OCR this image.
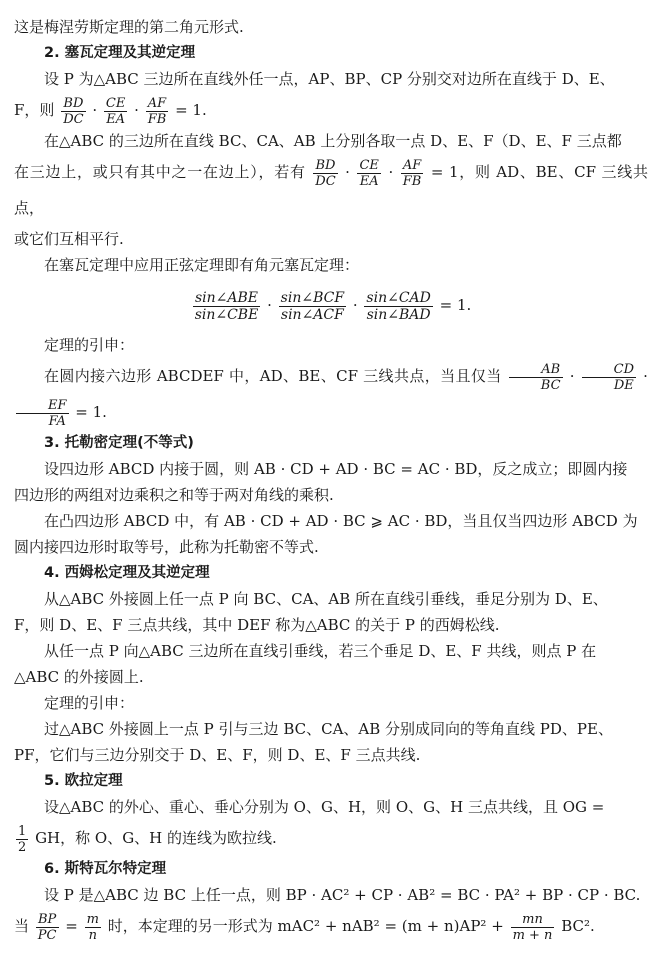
这是梅涅劳斯定理的第二角元形式.

2. 塞瓦定理及其逆定理

设 P 为△ABC 三边所在直线外任一点，AP、BP、CP 分别交对边所在直线于 D、E、

F，则 $\frac{BD}{DC} \cdot \frac{CE}{EA} \cdot \frac{AF}{FB} = 1$.

在△ABC 的三边所在直线 BC、CA、AB 上分别各取一点 D、E、F（D、E、F 三点都

在三边上，或只有其中之一在边上），若有 $\frac{BD}{DC} \cdot \frac{CE}{EA} \cdot \frac{AF}{FB} = 1$，则 AD、BE、CF 三线共点，

或它们互相平行.

在塞瓦定理中应用正弦定理即有角元塞瓦定理：

$\frac{\text{sin∠ABE}}{\text{sin∠CBE}} \cdot \frac{\text{sin∠BCF}}{\text{sin∠ACF}} \cdot \frac{\text{sin∠CAD}}{\text{sin∠BAD}} = 1$.

定理的引申：

在圆内接六边形 ABCDEF 中，AD、BE、CF 三线共点，当且仅当 $\frac{AB}{BC} \cdot \frac{CD}{DE}$ ·
$\frac{EF}{FA} = 1$.

3. 托勒密定理(不等式)

设四边形 ABCD 内接于圆，则 AB · CD + AD · BC = AC · BD，反之成立；即圆内接

四边形的两组对边乘积之和等于两对角线的乘积.

在凸四边形 ABCD 中，有 AB · CD + AD · BC ⩾ AC · BD，当且仅当四边形 ABCD 为

圆内接四边形时取等号，此称为托勒密不等式.

4. 西姆松定理及其逆定理

从△ABC 外接圆上任一点 P 向 BC、CA、AB 所在直线引垂线，垂足分别为 D、E、

F，则 D、E、F 三点共线，其中 DEF 称为△ABC 的关于 P 的西姆松线.

从任一点 P 向△ABC 三边所在直线引垂线，若三个垂足 D、E、F 共线，则点 P 在

△ABC 的外接圆上.

定理的引申：

过△ABC 外接圆上一点 P 引与三边 BC、CA、AB 分别成同向的等角直线 PD、PE、

PF，它们与三边分别交于 D、E、F，则 D、E、F 三点共线.

5. 欧拉定理

设△ABC 的外心、重心、垂心分别为 O、G、H，则 O、G、H 三点共线，且 OG =

$\frac{1}{2}$ GH，称 O、G、H 的连线为欧拉线.

6. 斯特瓦尔特定理

设 P 是△ABC 边 BC 上任一点，则 BP · AC² + CP · AB² = BC · PA² + BP · CP · BC.

当 $\frac{BP}{PC} = \frac{m}{n}$ 时，本定理的另一形式为 $mAC^2 + nAB^2 = (m + n)AP^2 + \frac{mn}{m + n} BC^2$.
